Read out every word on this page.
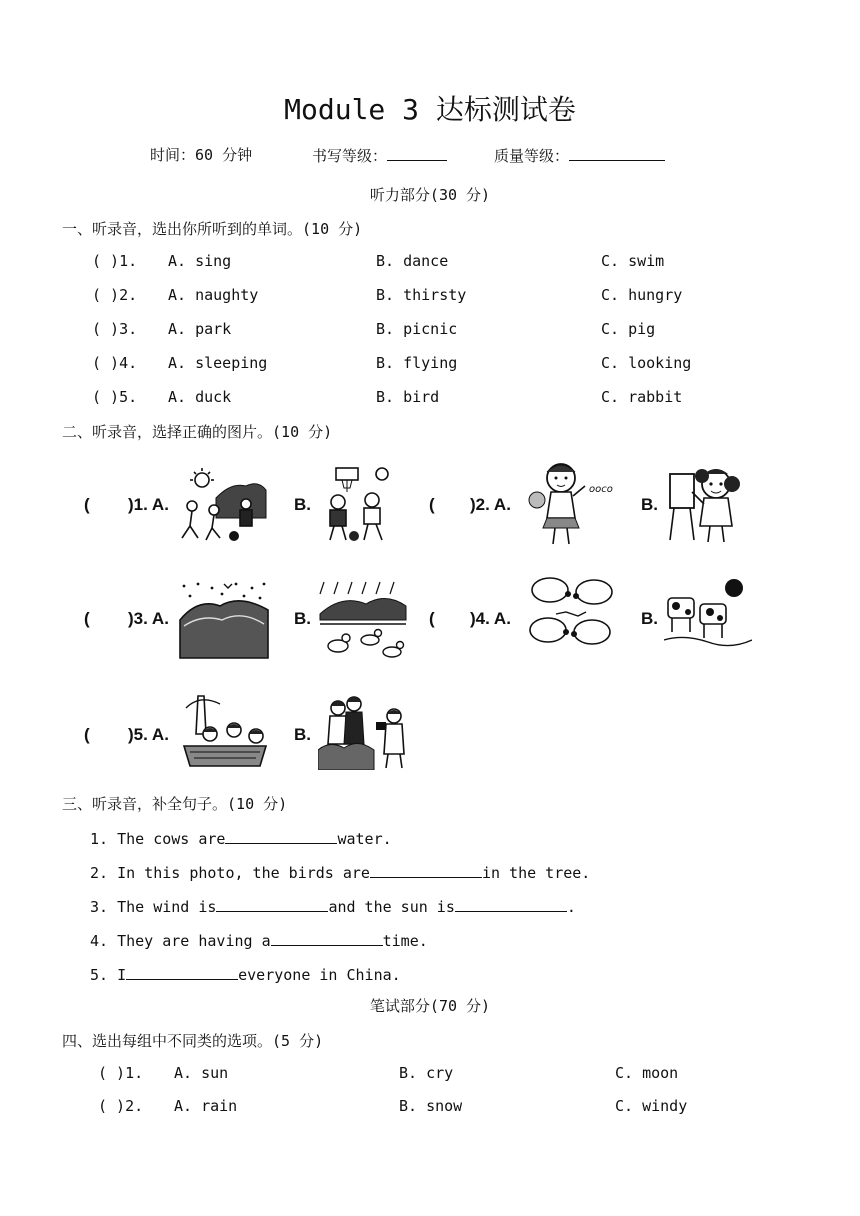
Module 3 达标测试卷
时间：60 分钟	书写等级：	质量等级：
听力部分(30 分)
一、听录音，选出你所听到的单词。(10 分)
( )1. A. sing	B. dance	C. swim
( )2. A. naughty	B. thirsty	C. hungry
( )3. A. park	B. picnic	C. pig
( )4. A. sleeping	B. flying	C. looking
( )5. A. duck	B. bird	C. rabbit
二、听录音，选择正确的图片。(10 分)
( )1. A.	B.	( )2. A.	B.
ooco
( )3. A.	B.	( )4. A.	B.
( )5. A.	B.
三、听录音，补全句子。(10 分)
1. The cows are	water.
2. In this photo, the birds are	in the tree.
3. The wind is	and the sun is	.
4. They are having a	time.
5. I	everyone in China.
笔试部分(70 分)
四、选出每组中不同类的选项。(5 分)
( )1. A. sun	B. cry	C. moon
( )2. A. rain	B. snow	C. windy
